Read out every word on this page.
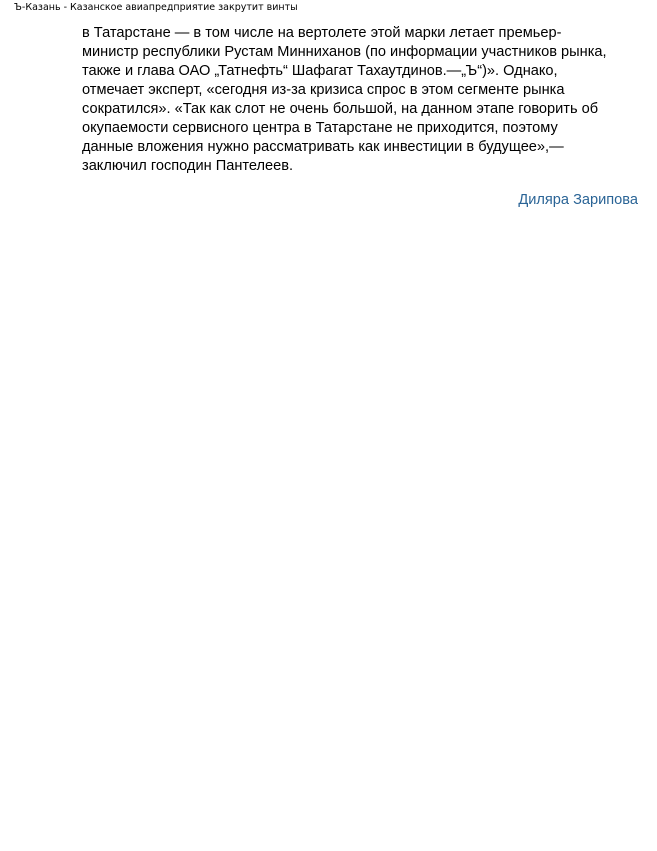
Ъ-Казань - Казанское авиапредприятие закрутит винты

в Татарстане — в том числе на вертолете этой марки летает премьер-
министр республики Рустам Минниханов (по информации участников рынка,
также и глава ОАО „Татнефть“ Шафагат Тахаутдинов.—„Ъ“)». Однако,
отмечает эксперт, «сегодня из-за кризиса спрос в этом сегменте рынка
сократился». «Так как слот не очень большой, на данном этапе говорить об
окупаемости сервисного центра в Татарстане не приходится, поэтому
данные вложения нужно рассматривать как инвестиции в будущее»,—
заключил господин Пантелеев.

Диляра Зарипова
